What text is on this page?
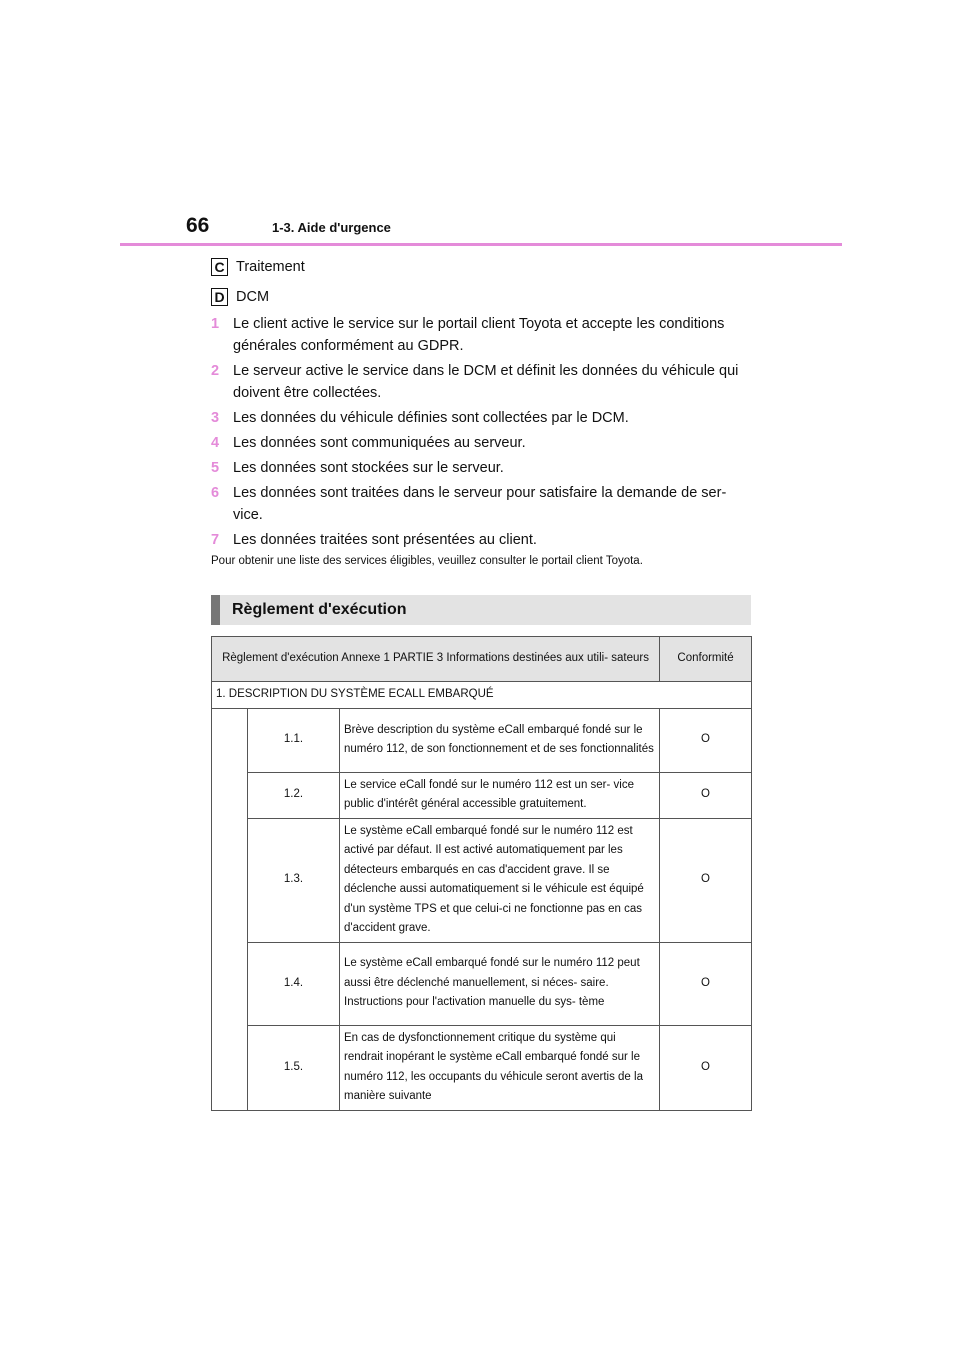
66	1-3. Aide d'urgence
C Traitement
D DCM
1 Le client active le service sur le portail client Toyota et accepte les conditions générales conformément au GDPR.
2 Le serveur active le service dans le DCM et définit les données du véhicule qui doivent être collectées.
3 Les données du véhicule définies sont collectées par le DCM.
4 Les données sont communiquées au serveur.
5 Les données sont stockées sur le serveur.
6 Les données sont traitées dans le serveur pour satisfaire la demande de ser- vice.
7 Les données traitées sont présentées au client.
Pour obtenir une liste des services éligibles, veuillez consulter le portail client Toyota.
Règlement d'exécution
Règlement d'exécution Annexe 1 PARTIE 3 Informations destinées aux utili- sateurs			Conformité
1. DESCRIPTION DU SYSTÈME ECALL EMBARQUÉ			
	1.1.	Brève description du système eCall embarqué fondé sur le numéro 112, de son fonctionnement et de ses fonctionnalités	O
	1.2.	Le service eCall fondé sur le numéro 112 est un ser- vice public d'intérêt général accessible gratuitement.	O
	1.3.	Le système eCall embarqué fondé sur le numéro 112 est activé par défaut. Il est activé automatiquement par les détecteurs embarqués en cas d'accident grave. Il se déclenche aussi automatiquement si le véhicule est équipé d'un système TPS et que celui-ci ne fonctionne pas en cas d'accident grave.	O
	1.4.	Le système eCall embarqué fondé sur le numéro 112 peut aussi être déclenché manuellement, si néces- saire. Instructions pour l'activation manuelle du sys- tème	O
	1.5.	En cas de dysfonctionnement critique du système qui rendrait inopérant le système eCall embarqué fondé sur le numéro 112, les occupants du véhicule seront avertis de la manière suivante	O
